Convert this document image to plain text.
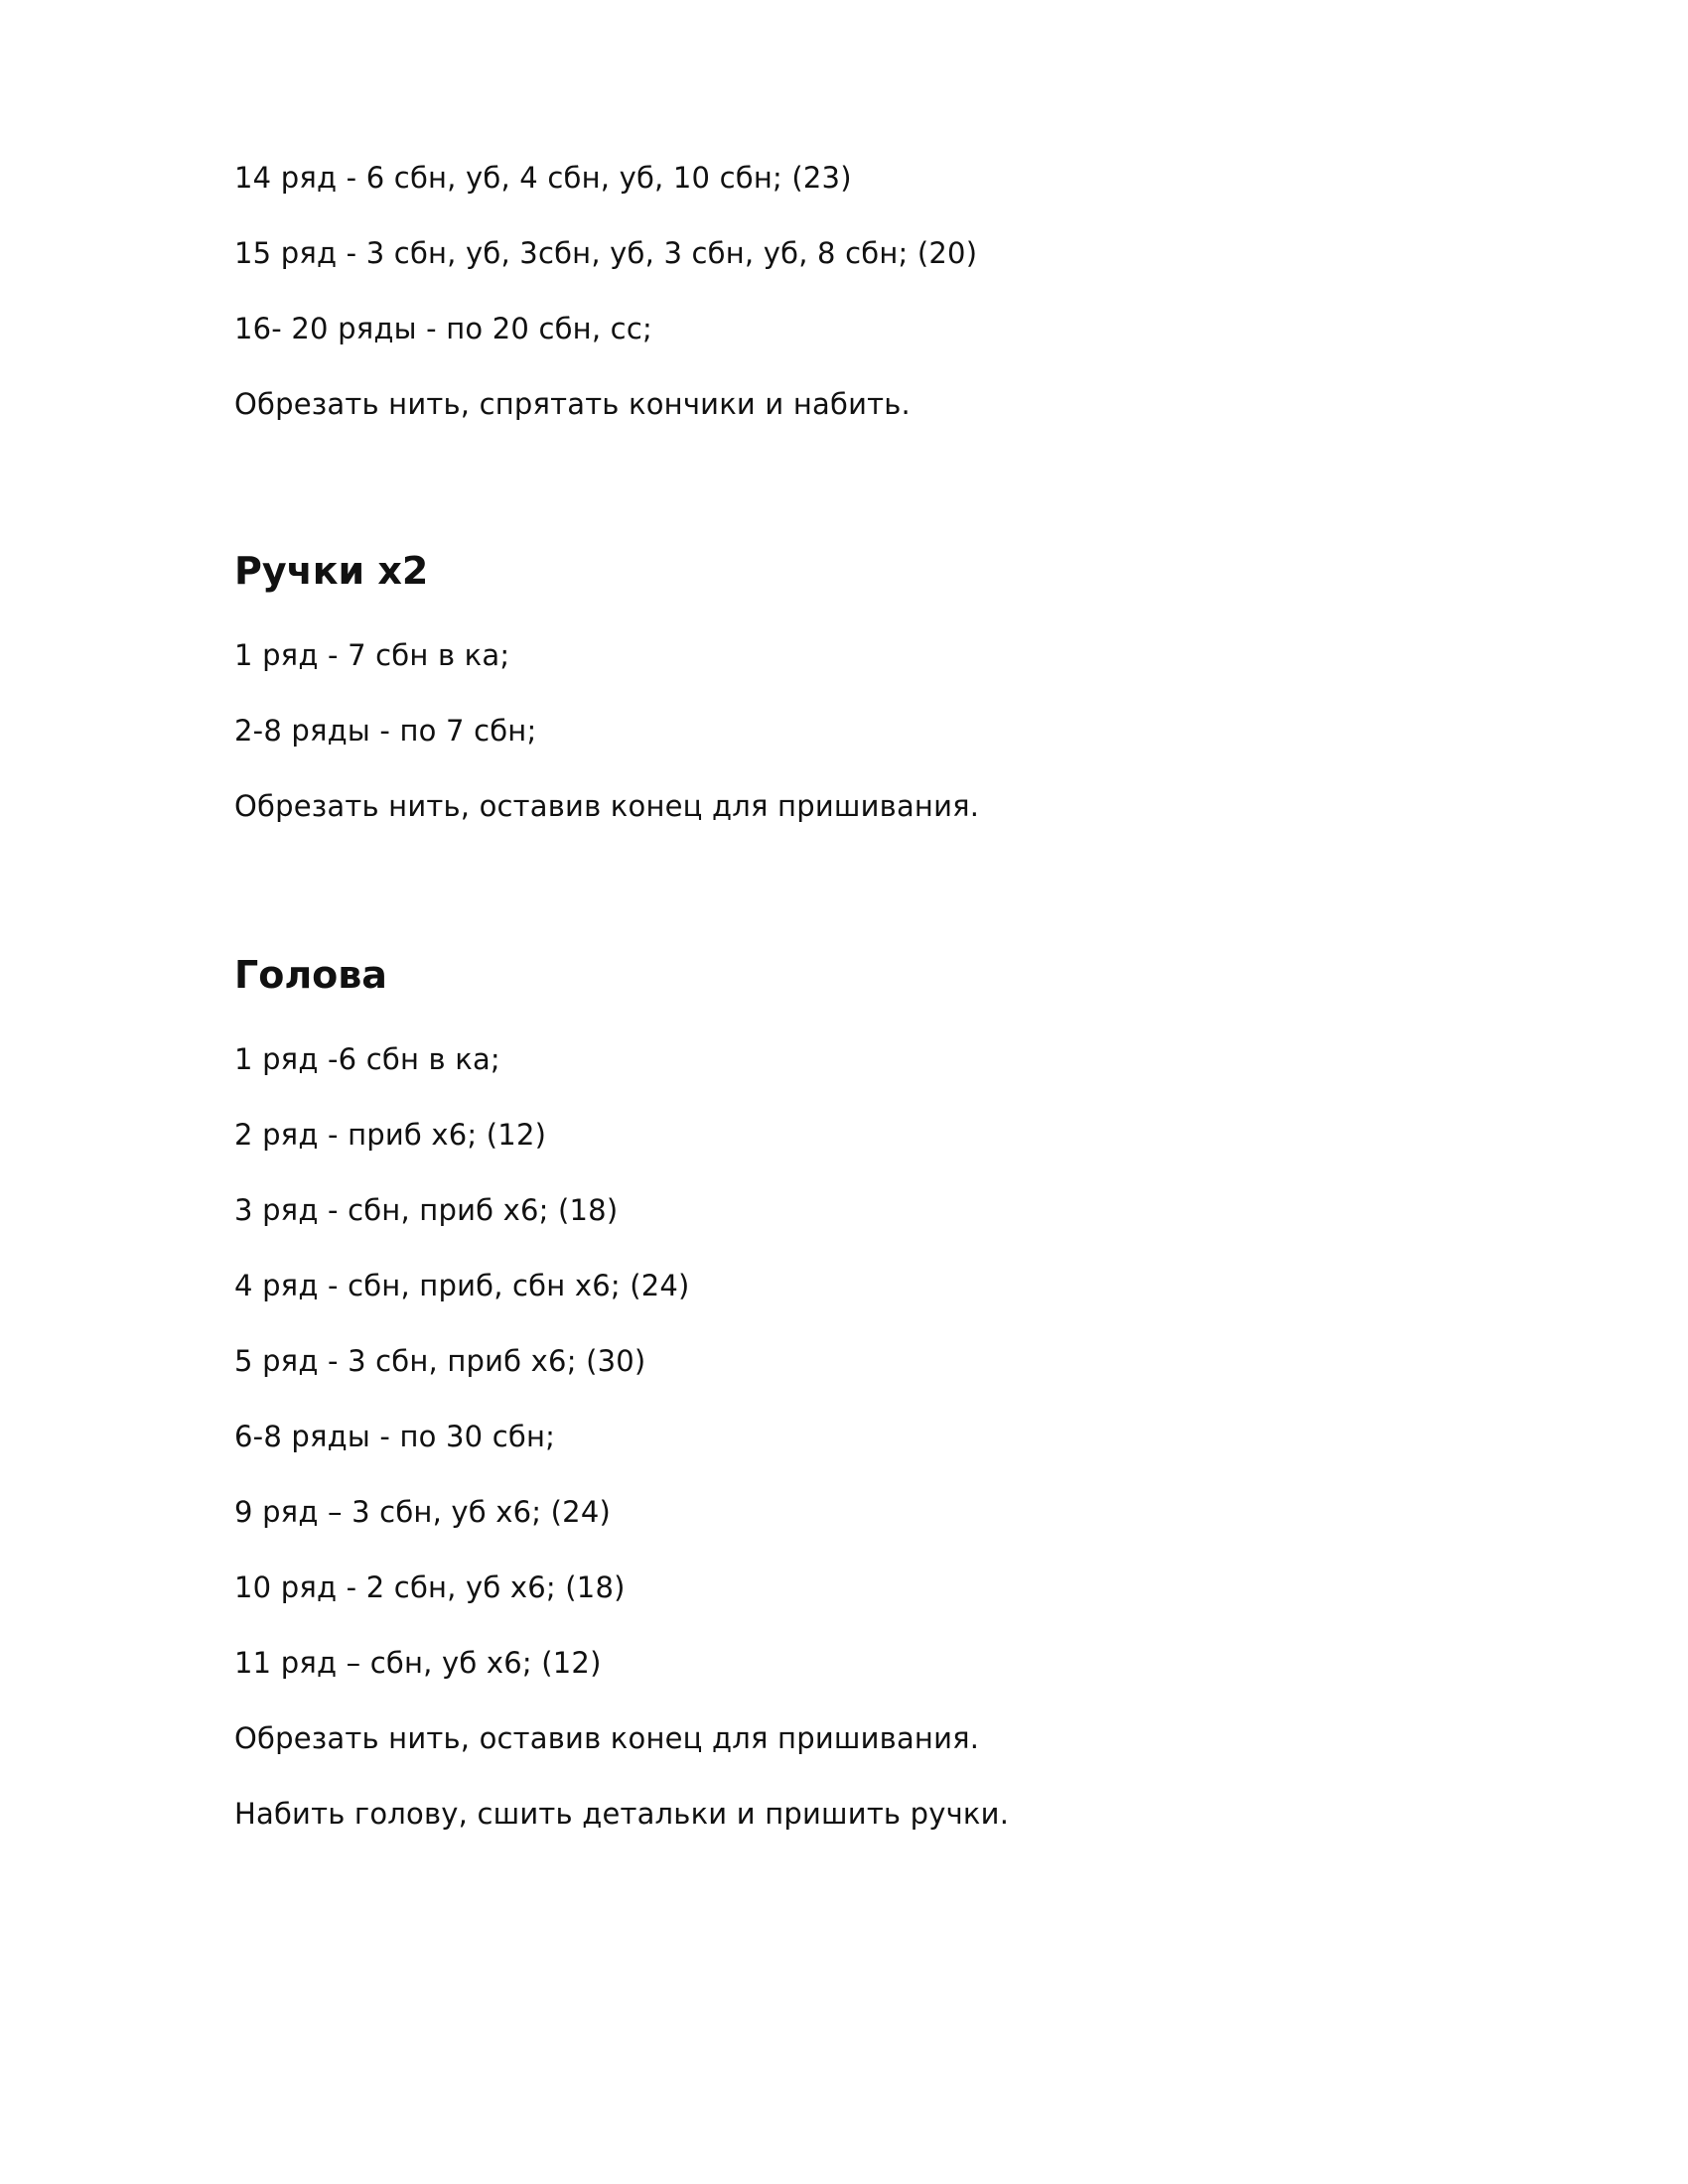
14 ряд - 6 сбн, уб, 4 сбн, уб, 10 сбн; (23)
15 ряд - 3 сбн, уб, 3сбн, уб, 3 сбн, уб, 8 сбн; (20)
16- 20 ряды - по 20 сбн, сс;
Обрезать нить, спрятать кончики и набить.
Ручки х2
1 ряд - 7 сбн в ка;
2-8 ряды - по 7 сбн;
Обрезать нить, оставив конец для пришивания.
Голова
1 ряд -6 сбн в ка;
2 ряд - приб х6; (12)
3 ряд - сбн, приб х6; (18)
4 ряд - сбн, приб, сбн х6; (24)
5 ряд - 3 сбн, приб х6; (30)
6-8 ряды - по 30 сбн;
9 ряд – 3 сбн, уб х6; (24)
10 ряд - 2 сбн, уб х6; (18)
11 ряд – сбн, уб х6; (12)
Обрезать нить, оставив конец для пришивания.
Набить голову, сшить детальки и пришить ручки.
